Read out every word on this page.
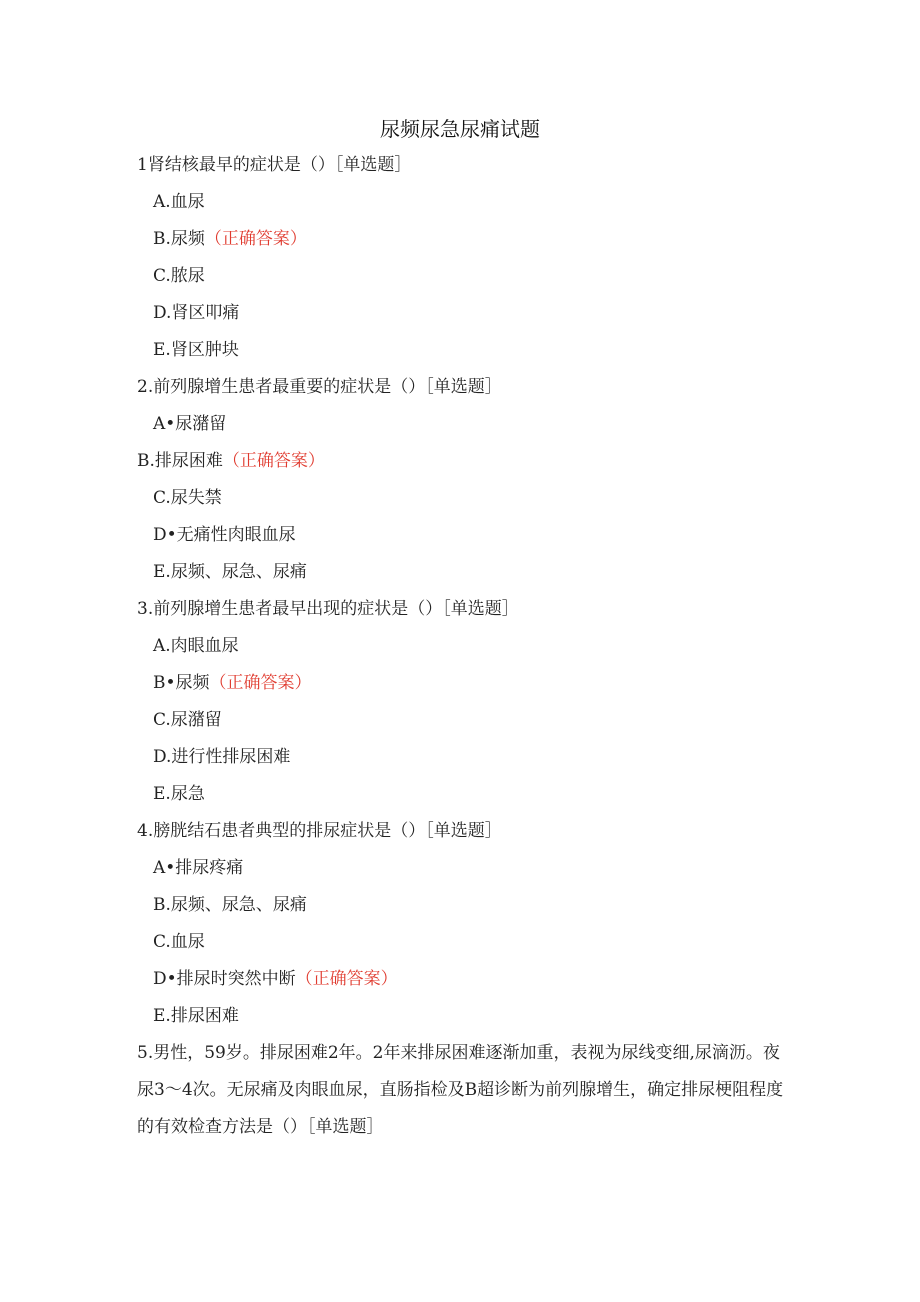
尿频尿急尿痛试题
1肾结核最早的症状是（）［单选题］
A.血尿
B.尿频（正确答案）
C.脓尿
D.肾区叩痛
E.肾区肿块
2.前列腺增生患者最重要的症状是（）［单选题］
A•尿潴留
B.排尿困难（正确答案）
C.尿失禁
D•无痛性肉眼血尿
E.尿频、尿急、尿痛
3.前列腺增生患者最早出现的症状是（）［单选题］
A.肉眼血尿
B•尿频（正确答案）
C.尿潴留
D.进行性排尿困难
E.尿急
4.膀胱结石患者典型的排尿症状是（）［单选题］
A•排尿疼痛
B.尿频、尿急、尿痛
C.血尿
D•排尿时突然中断（正确答案）
E.排尿困难
5.男性，59岁。排尿困难2年。2年来排尿困难逐渐加重，表视为尿线变细,尿滴沥。夜尿3～4次。无尿痛及肉眼血尿，直肠指检及B超诊断为前列腺增生，确定排尿梗阻程度的有效检查方法是（）［单选题］
